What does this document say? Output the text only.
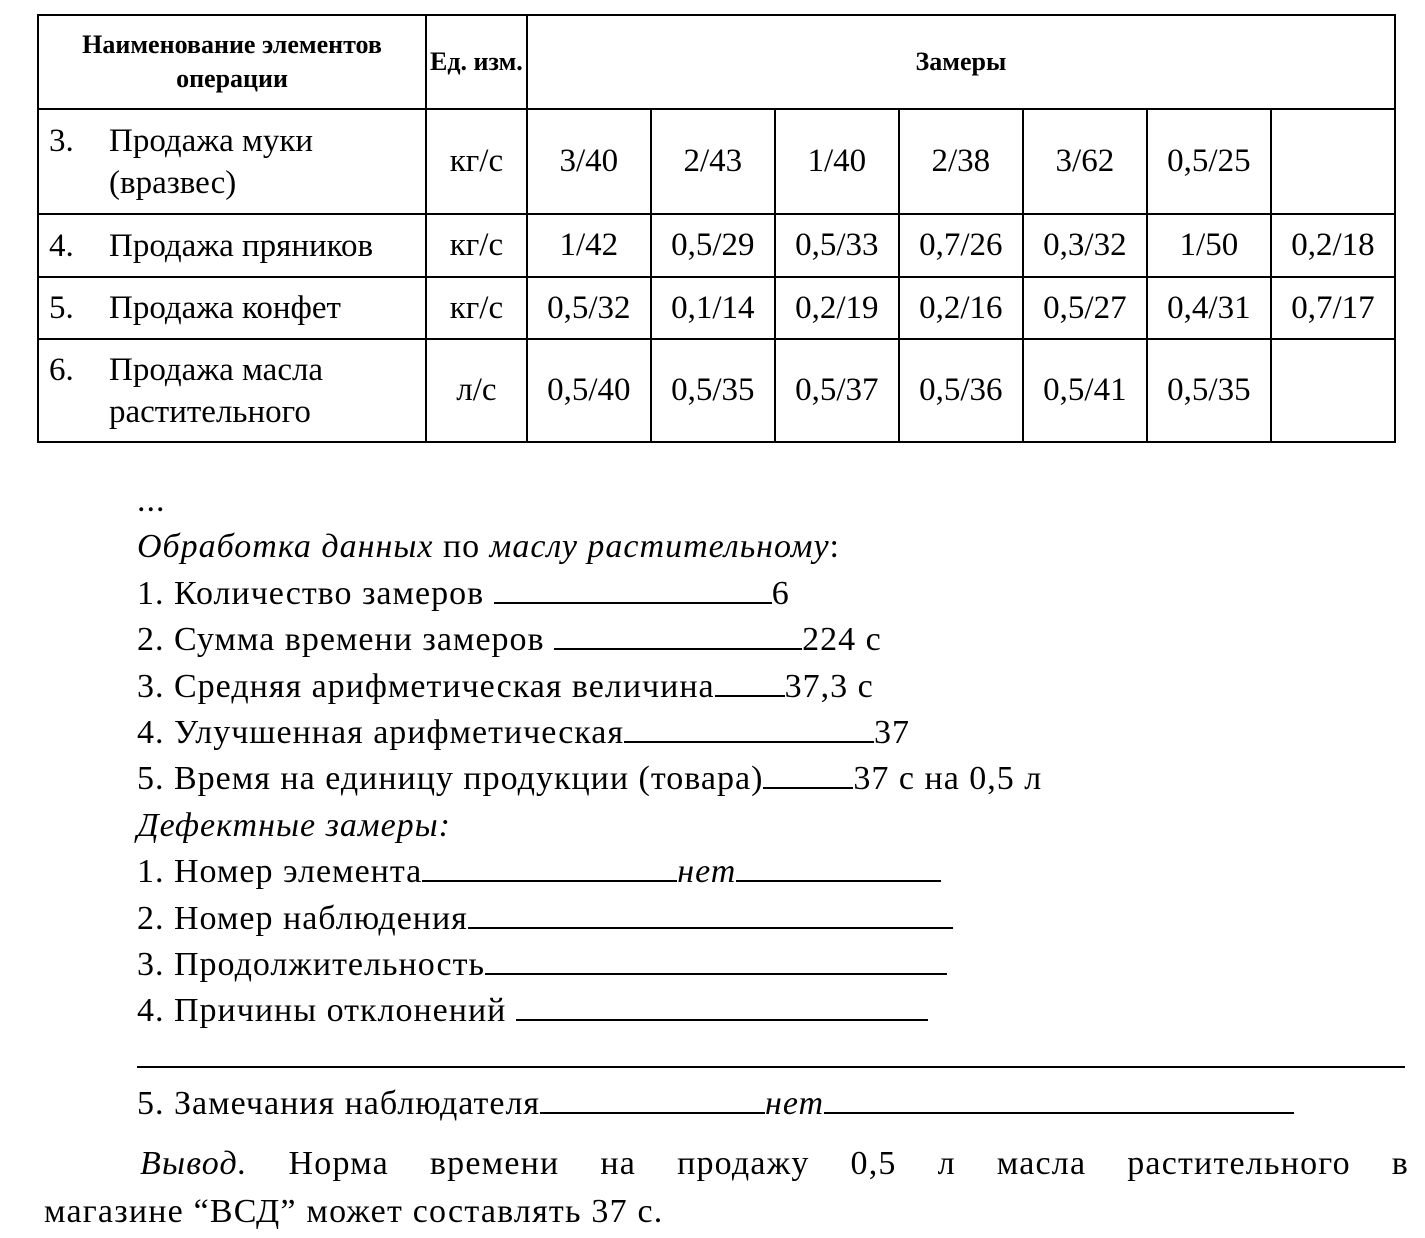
Наименование элементов операции	Ед. изм.	Замеры						
3. Продажа муки (вразвес)	кг/с	3/40	2/43	1/40	2/38	3/62	0,5/25	
4. Продажа пряников	кг/с	1/42	0,5/29	0,5/33	0,7/26	0,3/32	1/50	0,2/18
5. Продажа конфет	кг/с	0,5/32	0,1/14	0,2/19	0,2/16	0,5/27	0,4/31	0,7/17
6. Продажа масла растительного	л/с	0,5/40	0,5/35	0,5/37	0,5/36	0,5/41	0,5/35	
...
Обработка данных по маслу растительному:
1. Количество замеров	6
2. Сумма времени замеров	224 с
3. Средняя арифметическая величина 37,3 с
4. Улучшенная арифметическая	37
5. Время на единицу продукции (товара)	37 с на 0,5 л
Дефектные замеры:
1. Номер элемента	нет
2. Номер наблюдения
3. Продолжительность
4. Причины отклонений
5. Замечания наблюдателя	нет
Вывод. Норма времени на продажу 0,5 л масла растительного в
магазине “ВСД” может составлять 37 с.
